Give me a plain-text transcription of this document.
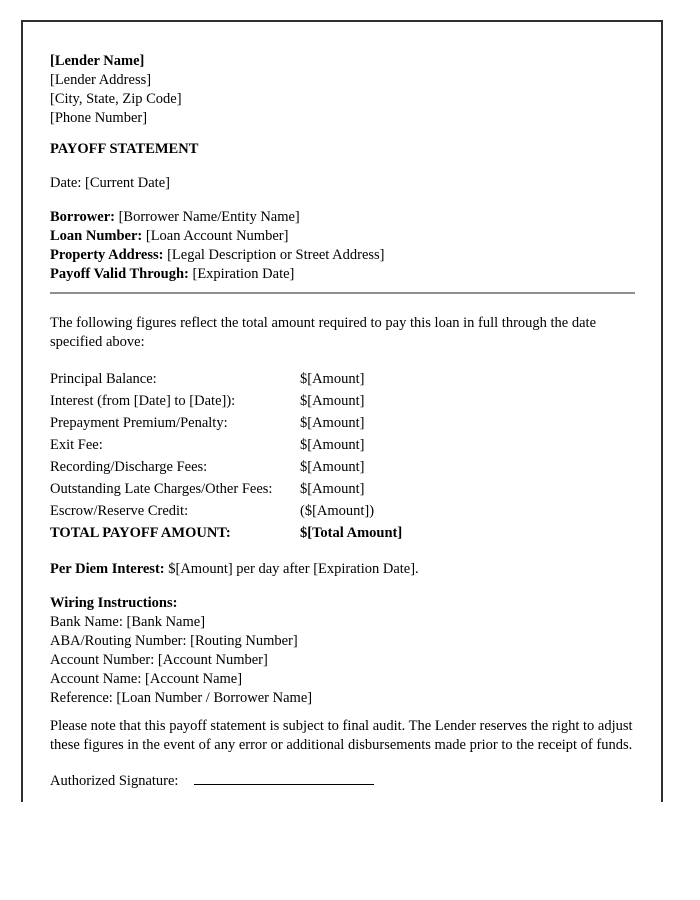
[Lender Name]
[Lender Address]
[City, State, Zip Code]
[Phone Number]
PAYOFF STATEMENT
Date: [Current Date]
Borrower: [Borrower Name/Entity Name]
Loan Number: [Loan Account Number]
Property Address: [Legal Description or Street Address]
Payoff Valid Through: [Expiration Date]
The following figures reflect the total amount required to pay this loan in full through the date specified above:
Principal Balance:	$[Amount]
Interest (from [Date] to [Date]):	$[Amount]
Prepayment Premium/Penalty:	$[Amount]
Exit Fee:	$[Amount]
Recording/Discharge Fees:	$[Amount]
Outstanding Late Charges/Other Fees:	$[Amount]
Escrow/Reserve Credit:	($[Amount])
TOTAL PAYOFF AMOUNT:	$[Total Amount]
Per Diem Interest: $[Amount] per day after [Expiration Date].
Wiring Instructions:
Bank Name: [Bank Name]
ABA/Routing Number: [Routing Number]
Account Number: [Account Number]
Account Name: [Account Name]
Reference: [Loan Number / Borrower Name]
Please note that this payoff statement is subject to final audit. The Lender reserves the right to adjust these figures in the event of any error or additional disbursements made prior to the receipt of funds.
Authorized Signature:
